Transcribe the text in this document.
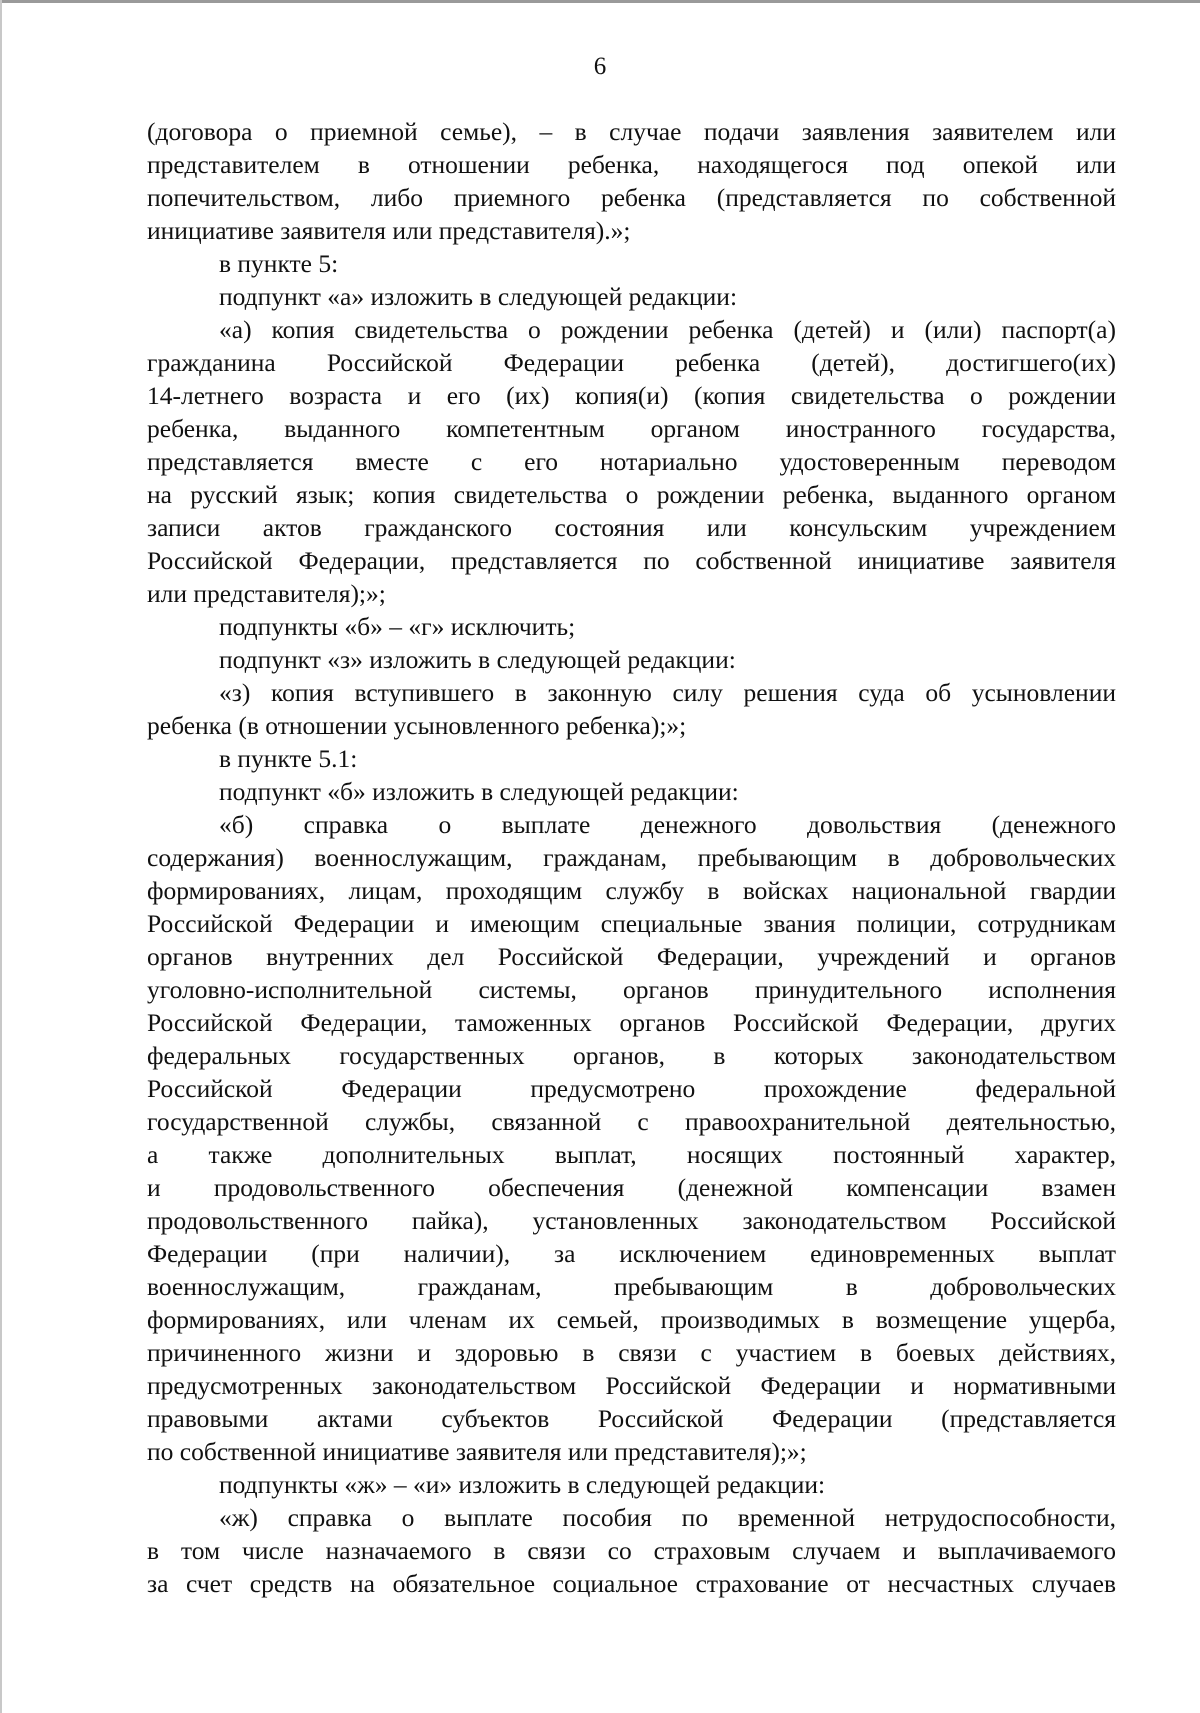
6
(договора о приемной семье), – в случае подачи заявления заявителем или
представителем в отношении ребенка, находящегося под опекой или
попечительством, либо приемного ребенка (представляется по собственной
инициативе заявителя или представителя).»;
в пункте 5:
подпункт «а» изложить в следующей редакции:
«а) копия свидетельства о рождении ребенка (детей) и (или) паспорт(а)
гражданина Российской Федерации ребенка (детей), достигшего(их)
14-летнего возраста и его (их) копия(и) (копия свидетельства о рождении
ребенка, выданного компетентным органом иностранного государства,
представляется вместе с его нотариально удостоверенным переводом
на русский язык; копия свидетельства о рождении ребенка, выданного органом
записи актов гражданского состояния или консульским учреждением
Российской Федерации, представляется по собственной инициативе заявителя
или представителя);»;
подпункты «б» – «г» исключить;
подпункт «з» изложить в следующей редакции:
«з) копия вступившего в законную силу решения суда об усыновлении
ребенка (в отношении усыновленного ребенка);»;
в пункте 5.1:
подпункт «б» изложить в следующей редакции:
«б) справка о выплате денежного довольствия (денежного
содержания) военнослужащим, гражданам, пребывающим в добровольческих
формированиях, лицам, проходящим службу в войсках национальной гвардии
Российской Федерации и имеющим специальные звания полиции, сотрудникам
органов внутренних дел Российской Федерации, учреждений и органов
уголовно-исполнительной системы, органов принудительного исполнения
Российской Федерации, таможенных органов Российской Федерации, других
федеральных государственных органов, в которых законодательством
Российской Федерации предусмотрено прохождение федеральной
государственной службы, связанной с правоохранительной деятельностью,
а также дополнительных выплат, носящих постоянный характер,
и продовольственного обеспечения (денежной компенсации взамен
продовольственного пайка), установленных законодательством Российской
Федерации (при наличии), за исключением единовременных выплат
военнослужащим, гражданам, пребывающим в добровольческих
формированиях, или членам их семьей, производимых в возмещение ущерба,
причиненного жизни и здоровью в связи с участием в боевых действиях,
предусмотренных законодательством Российской Федерации и нормативными
правовыми актами субъектов Российской Федерации (представляется
по собственной инициативе заявителя или представителя);»;
подпункты «ж» – «и» изложить в следующей редакции:
«ж) справка о выплате пособия по временной нетрудоспособности,
в том числе назначаемого в связи со страховым случаем и выплачиваемого
за счет средств на обязательное социальное страхование от несчастных случаев
